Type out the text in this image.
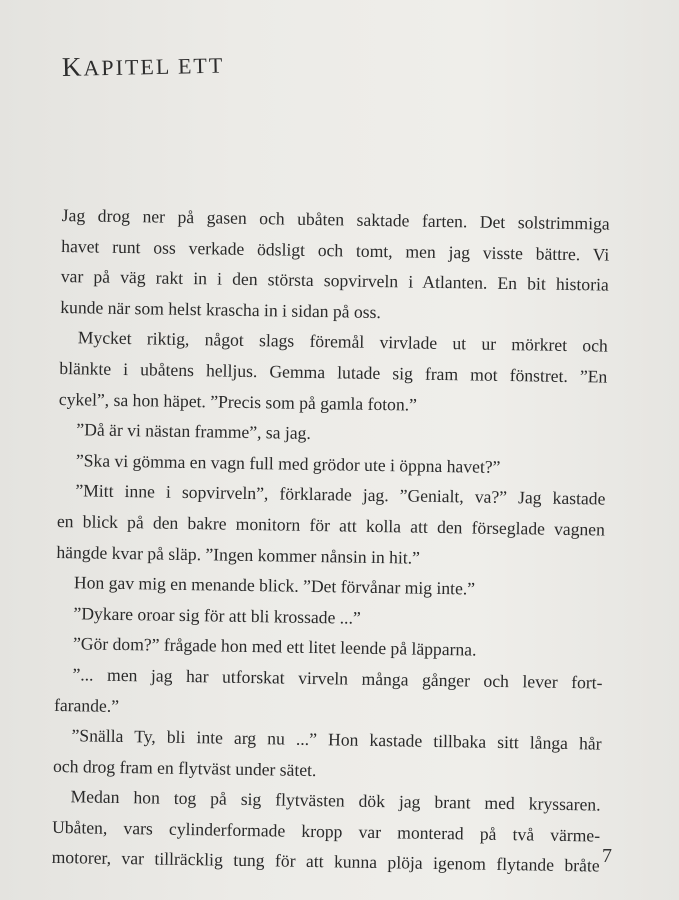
KAPITEL ETT
Jag drog ner på gasen och ubåten saktade farten. Det solstrimmiga
havet runt oss verkade ödsligt och tomt, men jag visste bättre. Vi
var på väg rakt in i den största sopvirveln i Atlanten. En bit historia
kunde när som helst krascha in i sidan på oss.
Mycket riktig, något slags föremål virvlade ut ur mörkret och
blänkte i ubåtens helljus. Gemma lutade sig fram mot fönstret. ”En
cykel”, sa hon häpet. ”Precis som på gamla foton.”
”Då är vi nästan framme”, sa jag.
”Ska vi gömma en vagn full med grödor ute i öppna havet?”
”Mitt inne i sopvirveln”, förklarade jag. ”Genialt, va?” Jag kastade
en blick på den bakre monitorn för att kolla att den förseglade vagnen
hängde kvar på släp. ”Ingen kommer nånsin in hit.”
Hon gav mig en menande blick. ”Det förvånar mig inte.”
”Dykare oroar sig för att bli krossade ...”
”Gör dom?” frågade hon med ett litet leende på läpparna.
”... men jag har utforskat virveln många gånger och lever fort-
farande.”
”Snälla Ty, bli inte arg nu ...” Hon kastade tillbaka sitt långa hår
och drog fram en flytväst under sätet.
Medan hon tog på sig flytvästen dök jag brant med kryssaren.
Ubåten, vars cylinderformade kropp var monterad på två värme-
motorer, var tillräcklig tung för att kunna plöja igenom flytande bråte 7
